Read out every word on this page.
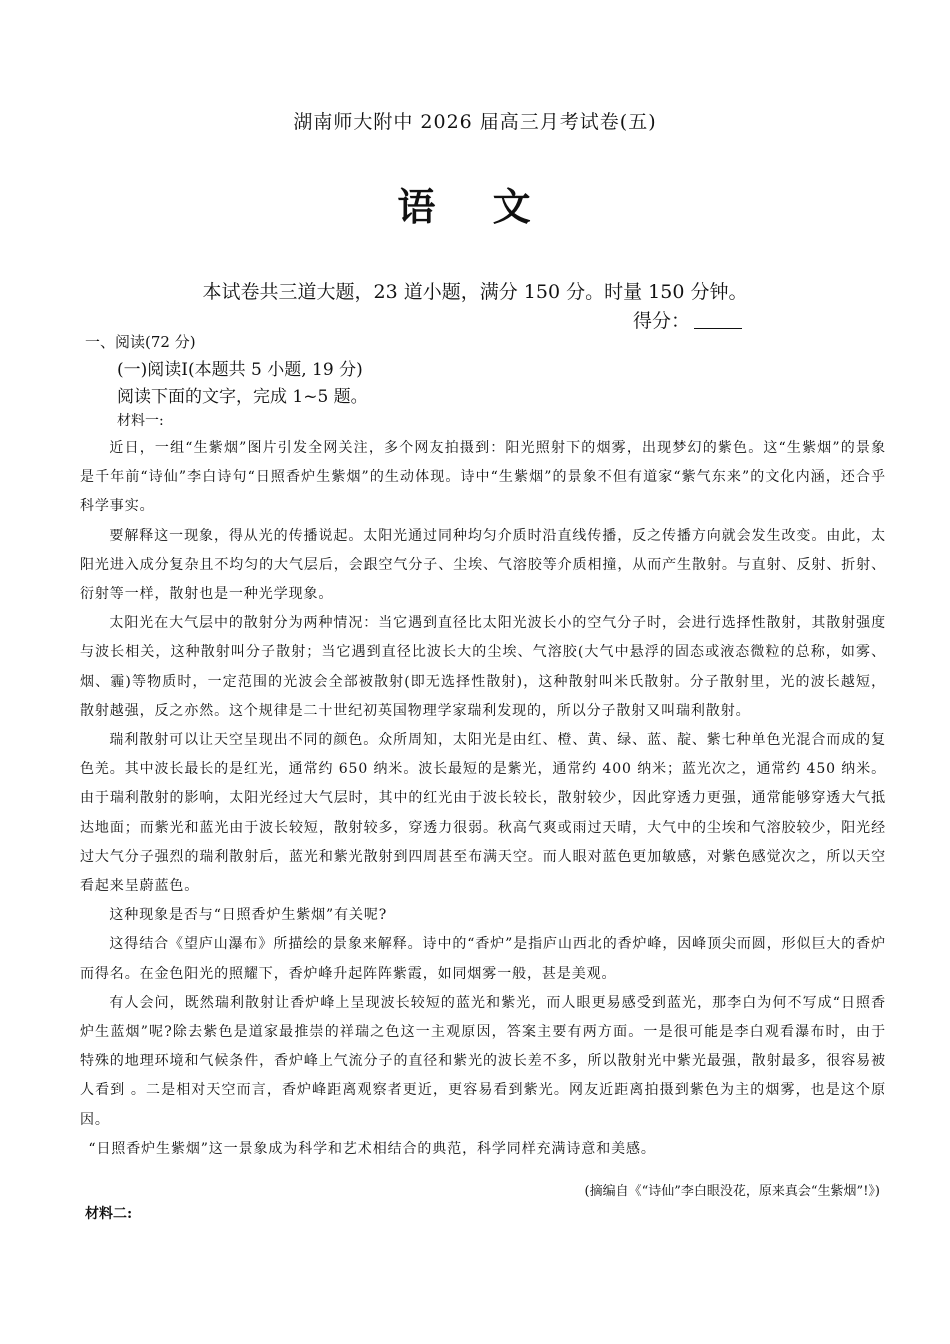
湖南师大附中 2026 届高三月考试卷(五)
语 文
本试卷共三道大题，23 道小题，满分 150 分。时量 150 分钟。
得分：
一、阅读(72 分)
(一)阅读Ⅰ(本题共 5 小题, 19 分)
阅读下面的文字，完成 1~5 题。
材料一:

近日，一组“生紫烟”图片引发全网关注，多个网友拍摄到：阳光照射下的烟雾，出现梦幻的紫色。这“生紫烟”的景象是千年前“诗仙”李白诗句“日照香炉生紫烟”的生动体现。诗中“生紫烟”的景象不但有道家“紫气东来”的文化内涵，还合乎科学事实。

要解释这一现象，得从光的传播说起。太阳光通过同种均匀介质时沿直线传播，反之传播方向就会发生改变。由此，太阳光进入成分复杂且不均匀的大气层后，会跟空气分子、尘埃、气溶胶等介质相撞，从而产生散射。与直射、反射、折射、衍射等一样，散射也是一种光学现象。

太阳光在大气层中的散射分为两种情况：当它遇到直径比太阳光波长小的空气分子时，会进行选择性散射，其散射强度与波长相关，这种散射叫分子散射；当它遇到直径比波长大的尘埃、气溶胶(大气中悬浮的固态或液态微粒的总称，如雾、烟、霾)等物质时，一定范围的光波会全部被散射(即无选择性散射)，这种散射叫米氏散射。分子散射里，光的波长越短，散射越强，反之亦然。这个规律是二十世纪初英国物理学家瑞利发现的，所以分子散射又叫瑞利散射。

瑞利散射可以让天空呈现出不同的颜色。众所周知，太阳光是由红、橙、黄、绿、蓝、靛、紫七种单色光混合而成的复色羌。其中波长最长的是红光，通常约 650 纳米。波长最短的是紫光，通常约 400 纳米；蓝光次之，通常约 450 纳米。由于瑞利散射的影响，太阳光经过大气层时，其中的红光由于波长较长，散射较少，因此穿透力更强，通常能够穿透大气抵达地面；而紫光和蓝光由于波长较短，散射较多，穿透力很弱。秋高气爽或雨过天晴，大气中的尘埃和气溶胶较少，阳光经过大气分子强烈的瑞利散射后，蓝光和紫光散射到四周甚至布满天空。而人眼对蓝色更加敏感，对紫色感觉次之，所以天空看起来呈蔚蓝色。

这种现象是否与“日照香炉生紫烟”有关呢?

这得结合《望庐山瀑布》所描绘的景象来解释。诗中的“香炉”是指庐山西北的香炉峰，因峰顶尖而圆，形似巨大的香炉而得名。在金色阳光的照耀下，香炉峰升起阵阵紫霞，如同烟雾一般，甚是美观。

有人会问，既然瑞利散射让香炉峰上呈现波长较短的蓝光和紫光，而人眼更易感受到蓝光，那李白为何不写成“日照香炉生蓝烟”呢?除去紫色是道家最推崇的祥瑞之色这一主观原因，答案主要有两方面。一是很可能是李白观看瀑布时，由于特殊的地理环境和气候条件，香炉峰上气流分子的直径和紫光的波长差不多，所以散射光中紫光最强，散射最多，很容易被人看到 。二是相对天空而言，香炉峰距离观察者更近，更容易看到紫光。网友近距离拍摄到紫色为主的烟雾，也是这个原因。

“日照香炉生紫烟”这一景象成为科学和艺术相结合的典范，科学同样充满诗意和美感。

(摘编自《“诗仙”李白眼没花，原来真会“生紫烟”!》)
材料二:
